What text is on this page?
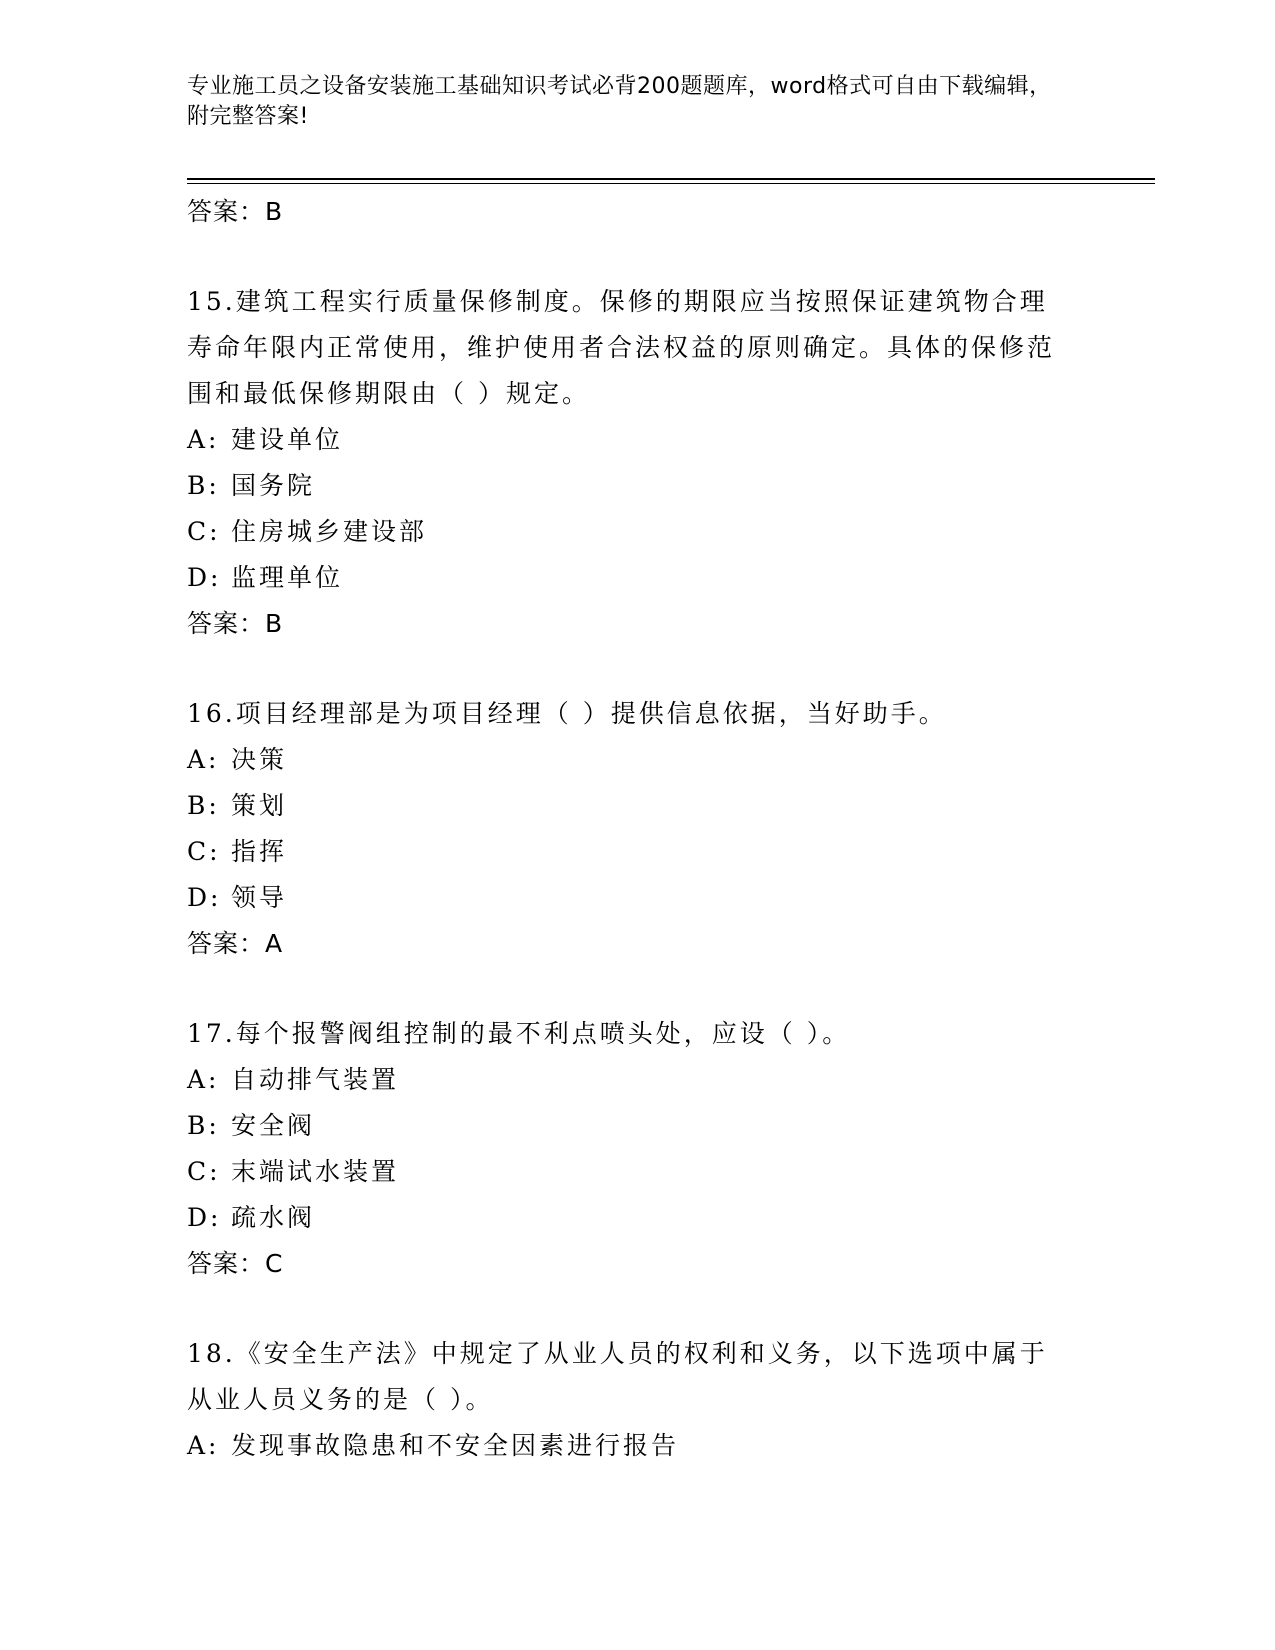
专业施工员之设备安装施工基础知识考试必背200题题库，word格式可自由下载编辑，附完整答案!
答案：B
15.建筑工程实行质量保修制度。保修的期限应当按照保证建筑物合理寿命年限内正常使用，维护使用者合法权益的原则确定。具体的保修范围和最低保修期限由（ ）规定。
A: 建设单位
B: 国务院
C: 住房城乡建设部
D: 监理单位
答案：B
16.项目经理部是为项目经理（ ）提供信息依据，当好助手。
A: 决策
B: 策划
C: 指挥
D: 领导
答案：A
17.每个报警阀组控制的最不利点喷头处，应设（ ）。
A: 自动排气装置
B: 安全阀
C: 末端试水装置
D: 疏水阀
答案：C
18.《安全生产法》中规定了从业人员的权利和义务，以下选项中属于从业人员义务的是（ ）。
A: 发现事故隐患和不安全因素进行报告
